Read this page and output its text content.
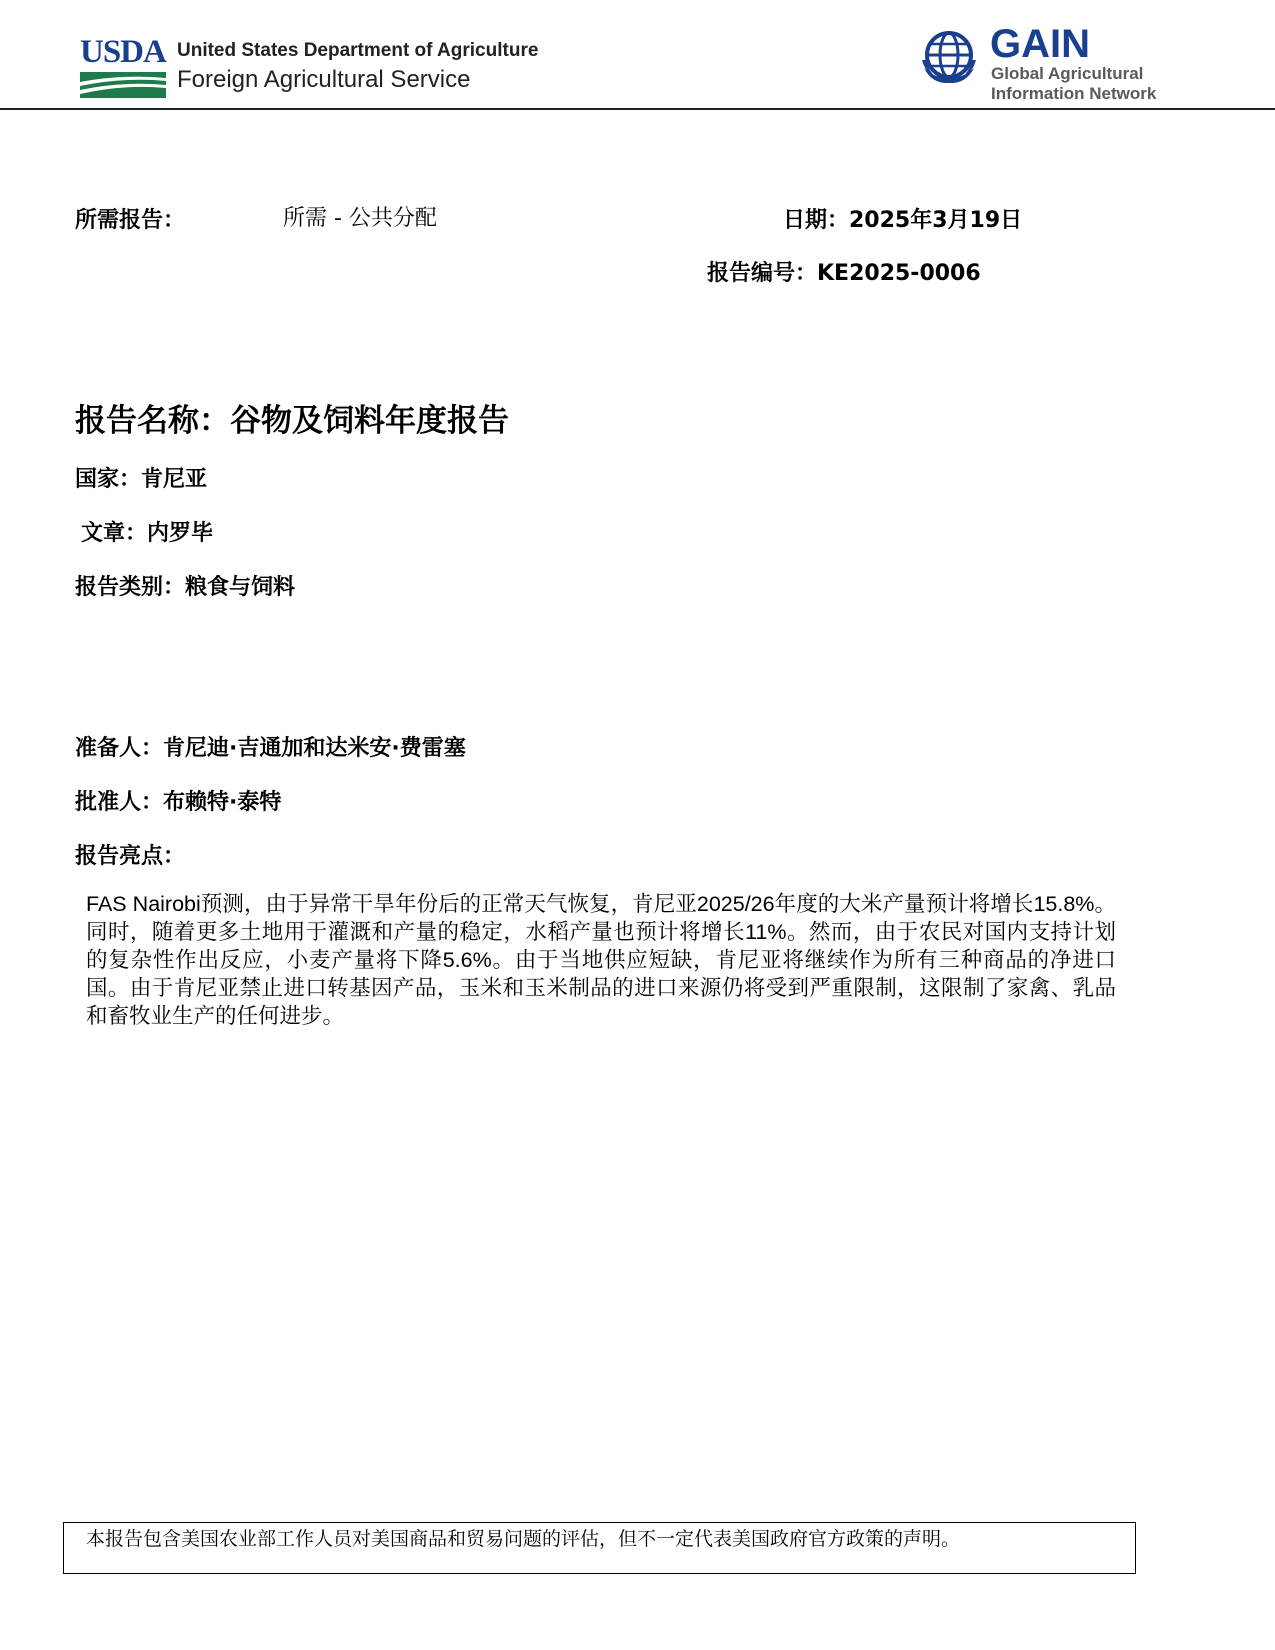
USDA United States Department of Agriculture
Foreign Agricultural Service
GAIN
Global Agricultural
Information Network
所需报告：	所需 - 公共分配	日期：2025年3月19日
报告编号：KE2025-0006
报告名称：谷物及饲料年度报告
国家：肯尼亚
文章：内罗毕
报告类别：粮食与饲料
准备人：肯尼迪·吉通加和达米安·费雷塞
批准人：布赖特·泰特
报告亮点：
FAS Nairobi预测，由于异常干旱年份后的正常天气恢复，肯尼亚2025/26年度的大米产量预计将增长15.8%。同时，随着更多土地用于灌溉和产量的稳定，水稻产量也预计将增长11%。然而，由于农民对国内支持计划的复杂性作出反应，小麦产量将下降5.6%。由于当地供应短缺，肯尼亚将继续作为所有三种商品的净进口国。由于肯尼亚禁止进口转基因产品，玉米和玉米制品的进口来源仍将受到严重限制，这限制了家禽、乳品和畜牧业生产的任何进步。
本报告包含美国农业部工作人员对美国商品和贸易问题的评估，但不一定代表美国政府官方政策的声明。
